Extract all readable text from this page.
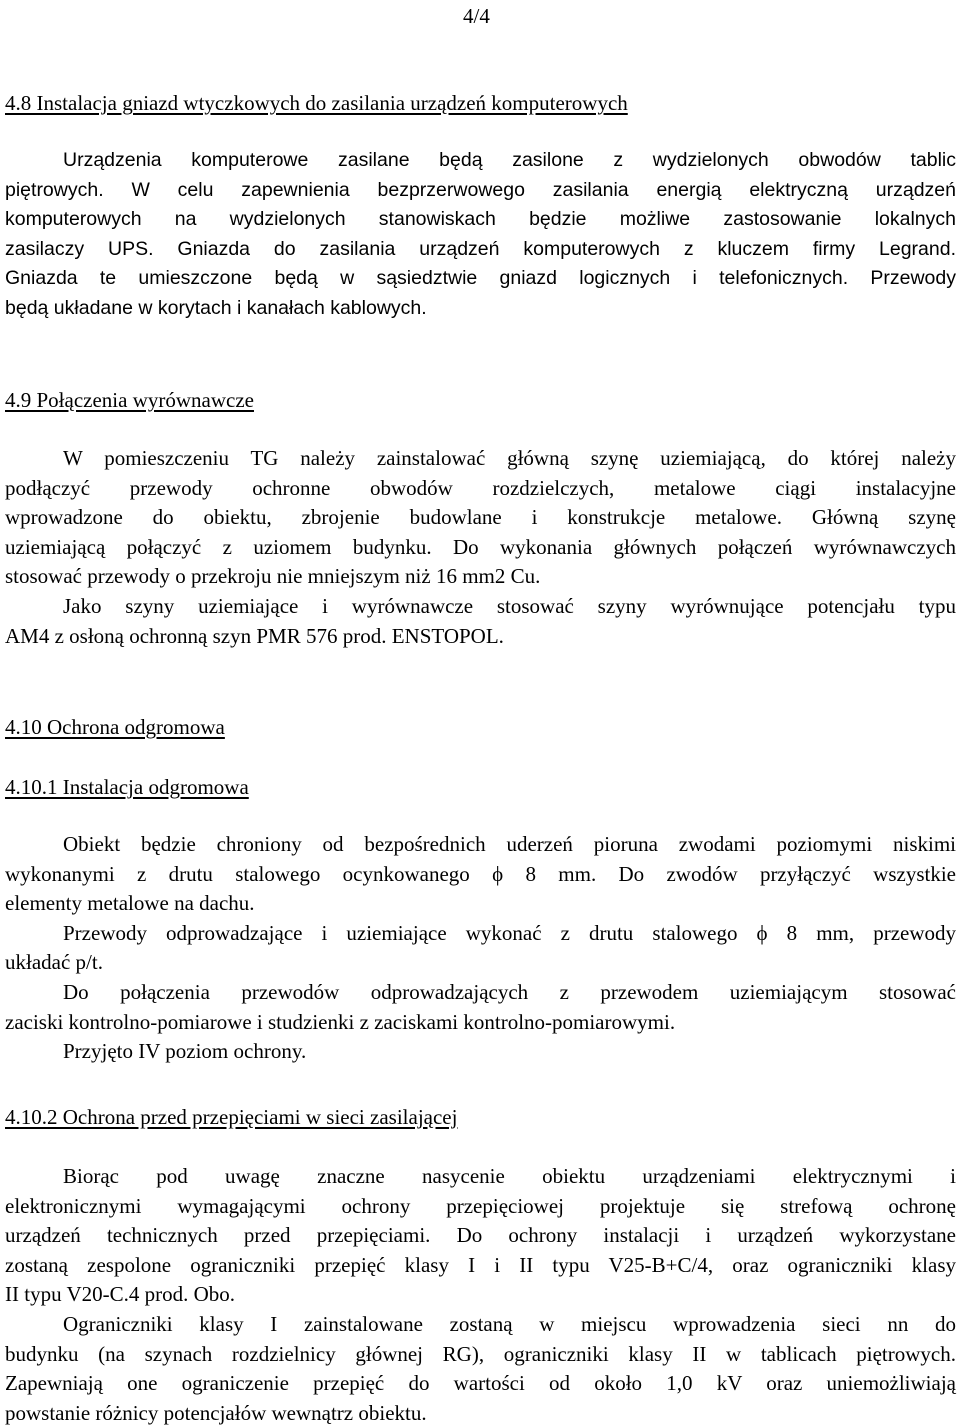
4/4
4.8 Instalacja gniazd wtyczkowych do zasilania urządzeń komputerowych
Urządzenia komputerowe zasilane będą zasilone z wydzielonych obwodów tablic
piętrowych. W celu zapewnienia bezprzerwowego zasilania energią elektryczną urządzeń
komputerowych na wydzielonych stanowiskach będzie możliwe zastosowanie lokalnych
zasilaczy UPS. Gniazda do zasilania urządzeń komputerowych z kluczem firmy Legrand.
Gniazda te umieszczone będą w sąsiedztwie gniazd logicznych i telefonicznych. Przewody
będą układane w korytach i kanałach kablowych.
4.9 Połączenia wyrównawcze
W pomieszczeniu TG należy zainstalować główną szynę uziemiającą, do której należy
podłączyć przewody ochronne obwodów rozdzielczych, metalowe ciągi instalacyjne
wprowadzone do obiektu, zbrojenie budowlane i konstrukcje metalowe. Główną szynę
uziemiającą połączyć z uziomem budynku. Do wykonania głównych połączeń wyrównawczych
stosować przewody o przekroju nie mniejszym niż 16 mm2 Cu.
Jako szyny uziemiające i wyrównawcze stosować szyny wyrównujące potencjału typu
AM4 z osłoną ochronną szyn PMR 576 prod. ENSTOPOL.
4.10 Ochrona odgromowa
4.10.1 Instalacja odgromowa
Obiekt będzie chroniony od bezpośrednich uderzeń pioruna zwodami poziomymi niskimi
wykonanymi z drutu stalowego ocynkowanego ϕ 8 mm. Do zwodów przyłączyć wszystkie
elementy metalowe na dachu.
Przewody odprowadzające i uziemiające wykonać z drutu stalowego ϕ 8 mm, przewody
układać p/t.
Do połączenia przewodów odprowadzających z przewodem uziemiającym stosować
zaciski kontrolno-pomiarowe i studzienki z zaciskami kontrolno-pomiarowymi.
Przyjęto IV poziom ochrony.
4.10.2 Ochrona przed przepięciami w sieci zasilającej
Biorąc pod uwagę znaczne nasycenie obiektu urządzeniami elektrycznymi i
elektronicznymi wymagającymi ochrony przepięciowej projektuje się strefową ochronę
urządzeń technicznych przed przepięciami. Do ochrony instalacji i urządzeń wykorzystane
zostaną zespolone ograniczniki przepięć klasy I i II typu V25-B+C/4, oraz ograniczniki klasy
II typu V20-C.4 prod. Obo.
Ograniczniki klasy I zainstalowane zostaną w miejscu wprowadzenia sieci nn do
budynku (na szynach rozdzielnicy głównej RG), ograniczniki klasy II w tablicach piętrowych.
Zapewniają one ograniczenie przepięć do wartości od około 1,0 kV oraz uniemożliwiają
powstanie różnicy potencjałów wewnątrz obiektu.
